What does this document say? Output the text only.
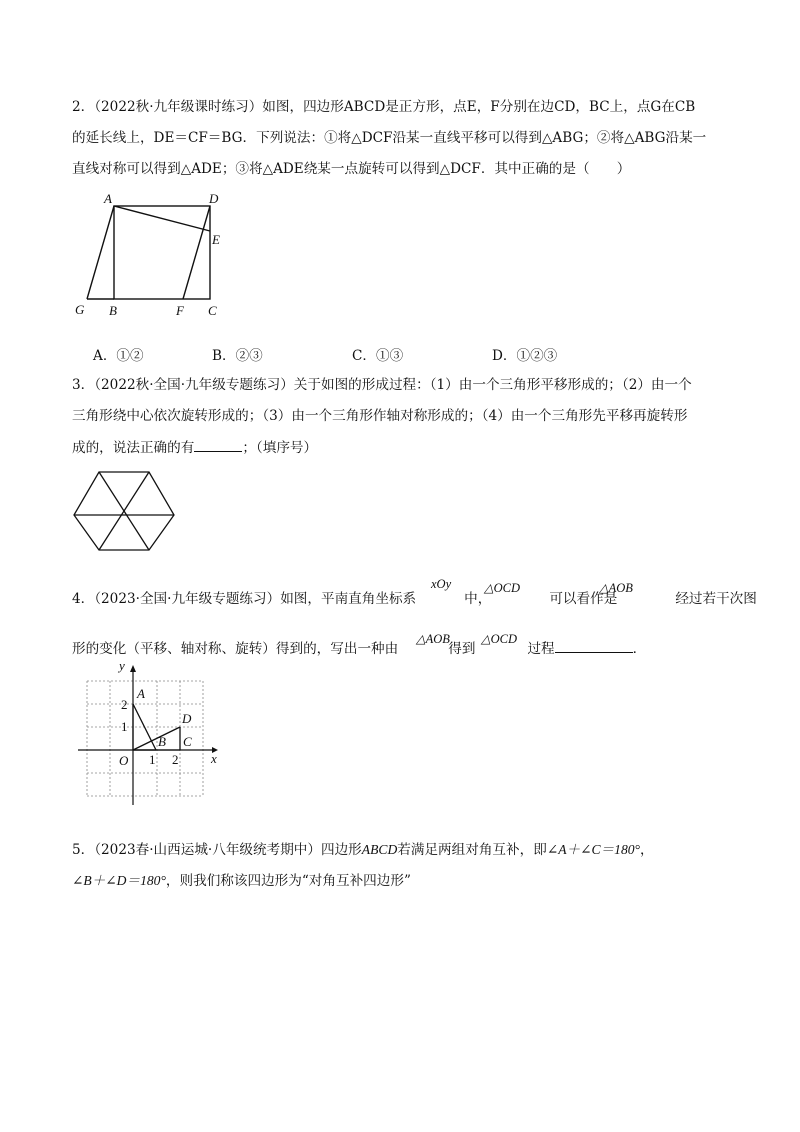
2．（2022秋·九年级课时练习）如图，四边形ABCD是正方形，点E，F分别在边CD，BC上，点G在CB
的延长线上，DE＝CF＝BG．下列说法：①将△DCF沿某一直线平移可以得到△ABG；②将△ABG沿某一
直线对称可以得到△ADE；③将△ADE绕某一点旋转可以得到△DCF．其中正确的是（　　）
A	D
E
G B	F C
A．①②	B．②③	C．①③	D．①②③
3．（2022秋·全国·九年级专题练习）关于如图的形成过程：（1）由一个三角形平移形成的；（2）由一个
三角形绕中心依次旋转形成的；（3）由一个三角形作轴对称形成的；（4）由一个三角形先平移再旋转形
成的，说法正确的有	；（填序号）
4．（2023·全国·九年级专题练习）如图，平南直角坐标系	中，	可以看作是	经过若干次图
xOy	△OCD	△AOB
形的变化（平移、轴对称、旋转）得到的，写出一种由	得到	过程	．
△AOB △OCD
y
x
O
2
1
1 2
A
B C
D
5．（2023春·山西运城·八年级统考期中）四边形ABCD若满足两组对角互补，即∠A＋∠C＝180°，
∠B＋∠D＝180°，则我们称该四边形为“对角互补四边形”
